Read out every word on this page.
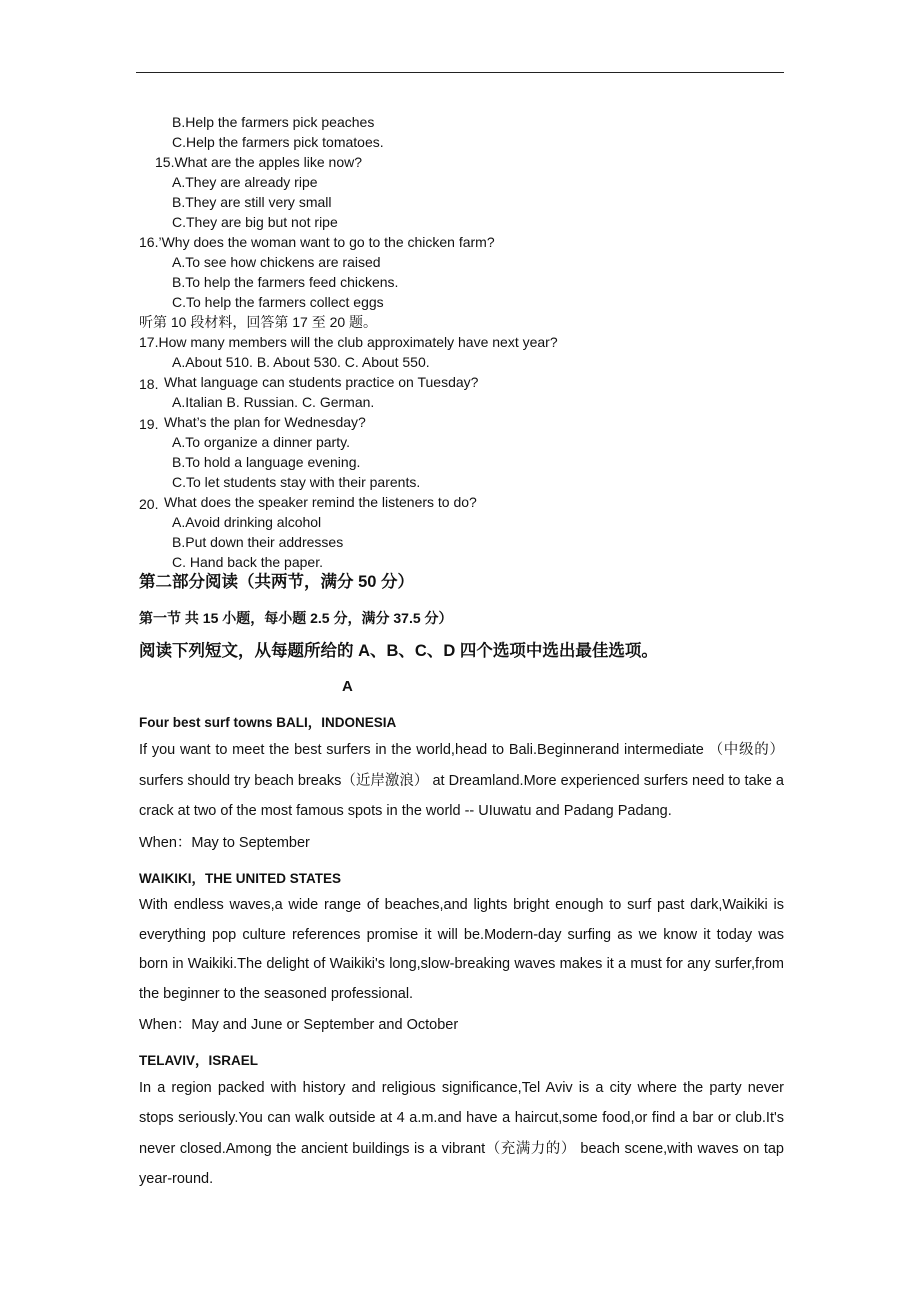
B.Help the farmers pick peaches
C.Help the farmers pick tomatoes.
15.What are the apples like now?
A.They are already ripe
B.They are still very small
C.They are big but not ripe
16.’Why does the woman want to go to the chicken farm?
A.To see how chickens are raised
B.To help the farmers feed chickens.
C.To help the farmers collect eggs
听第 10 段材料，回答第 17 至 20 题。
17.How many members will the club approximately have next year?
A.About 510. B. About 530. C. About 550.
18. What language can students practice on Tuesday?
A.Italian B. Russian. C. German.
19. What’s the plan for Wednesday?
A.To organize a dinner party.
B.To hold a language evening.
C.To let students stay with their parents.
20. What does the speaker remind the listeners to do?
A.Avoid drinking alcohol
B.Put down their addresses
C. Hand back the paper.
第二部分阅读（共两节，满分 50 分）
第一节 共 15 小题，每小题 2.5 分，满分 37.5 分）
阅读下列短文，从每题所给的 A、B、C、D 四个选项中选出最佳选项。
A
Four best surf towns BALI，INDONESIA
If you want to meet the best surfers in the world,head to Bali.Beginnerand intermediate （中级的） surfers should try beach breaks（近岸激浪） at Dreamland.More experienced surfers need to take a crack at two of the most famous spots in the world -- UIuwatu and Padang Padang.
When：May to September
WAIKIKI，THE UNITED STATES
With endless waves,a wide range of beaches,and lights bright enough to surf past dark,Waikiki is everything pop culture references promise it will be.Modern-day surfing as we know it today was born in Waikiki.The delight of Waikiki's long,slow-breaking waves makes it a must for any surfer,from the beginner to the seasoned professional.
When：May and June or September and October
TELAVIV，ISRAEL
In a region packed with history and religious significance,Tel Aviv is a city where the party never stops seriously.You can walk outside at 4 a.m.and have a haircut,some food,or find a bar or club.It's never closed.Among the ancient buildings is a vibrant（充满力的） beach scene,with waves on tap year-round.
